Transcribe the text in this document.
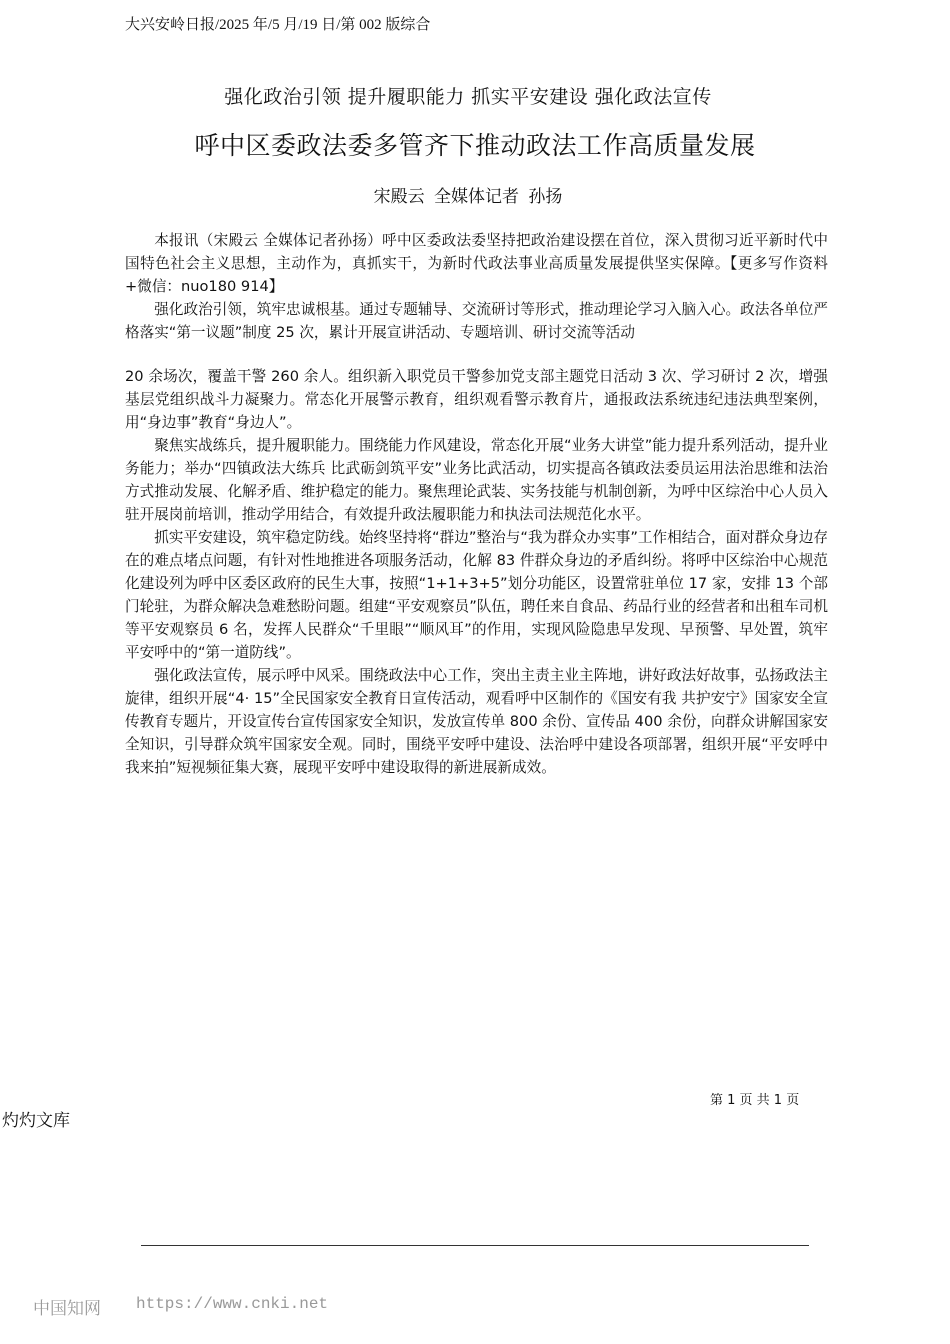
大兴安岭日报/2025 年/5 月/19 日/第 002 版综合
强化政治引领 提升履职能力 抓实平安建设 强化政法宣传
呼中区委政法委多管齐下推动政法工作高质量发展
宋殿云 全媒体记者 孙扬

本报讯（宋殿云 全媒体记者孙扬）呼中区委政法委坚持把政治建设摆在首位，深入贯彻习近平新时代中国特色社会主义思想，主动作为，真抓实干，为新时代政法事业高质量发展提供坚实保障。【更多写作资料+微信：nuo180 914】

强化政治引领，筑牢忠诚根基。通过专题辅导、交流研讨等形式，推动理论学习入脑入心。政法各单位严格落实“第一议题”制度 25 次，累计开展宣讲活动、专题培训、研讨交流等活动

20 余场次，覆盖干警 260 余人。组织新入职党员干警参加党支部主题党日活动 3 次、学习研讨 2 次，增强基层党组织战斗力凝聚力。常态化开展警示教育，组织观看警示教育片，通报政法系统违纪违法典型案例，用“身边事”教育“身边人”。

聚焦实战练兵，提升履职能力。围绕能力作风建设，常态化开展“业务大讲堂”能力提升系列活动，提升业务能力；举办“四镇政法大练兵 比武砺剑筑平安”业务比武活动，切实提高各镇政法委员运用法治思维和法治方式推动发展、化解矛盾、维护稳定的能力。聚焦理论武装、实务技能与机制创新，为呼中区综治中心人员入驻开展岗前培训，推动学用结合，有效提升政法履职能力和执法司法规范化水平。

抓实平安建设，筑牢稳定防线。始终坚持将“群边”整治与“我为群众办实事”工作相结合，面对群众身边存在的难点堵点问题，有针对性地推进各项服务活动，化解 83 件群众身边的矛盾纠纷。将呼中区综治中心规范化建设列为呼中区委区政府的民生大事，按照“1+1+3+5”划分功能区，设置常驻单位 17 家，安排 13 个部门轮驻，为群众解决急难愁盼问题。组建“平安观察员”队伍，聘任来自食品、药品行业的经营者和出租车司机等平安观察员 6 名，发挥人民群众“千里眼”“顺风耳”的作用，实现风险隐患早发现、早预警、早处置，筑牢平安呼中的“第一道防线”。

强化政法宣传，展示呼中风采。围绕政法中心工作，突出主责主业主阵地，讲好政法好故事，弘扬政法主旋律，组织开展“4· 15”全民国家安全教育日宣传活动，观看呼中区制作的《国安有我 共护安宁》国家安全宣传教育专题片，开设宣传台宣传国家安全知识，发放宣传单 800 余份、宣传品 400 余份，向群众讲解国家安全知识，引导群众筑牢国家安全观。同时，围绕平安呼中建设、法治呼中建设各项部署，组织开展“平安呼中我来拍”短视频征集大赛，展现平安呼中建设取得的新进展新成效。

第 1 页 共 1 页
灼灼文库
中国知网 https://www.cnki.net
